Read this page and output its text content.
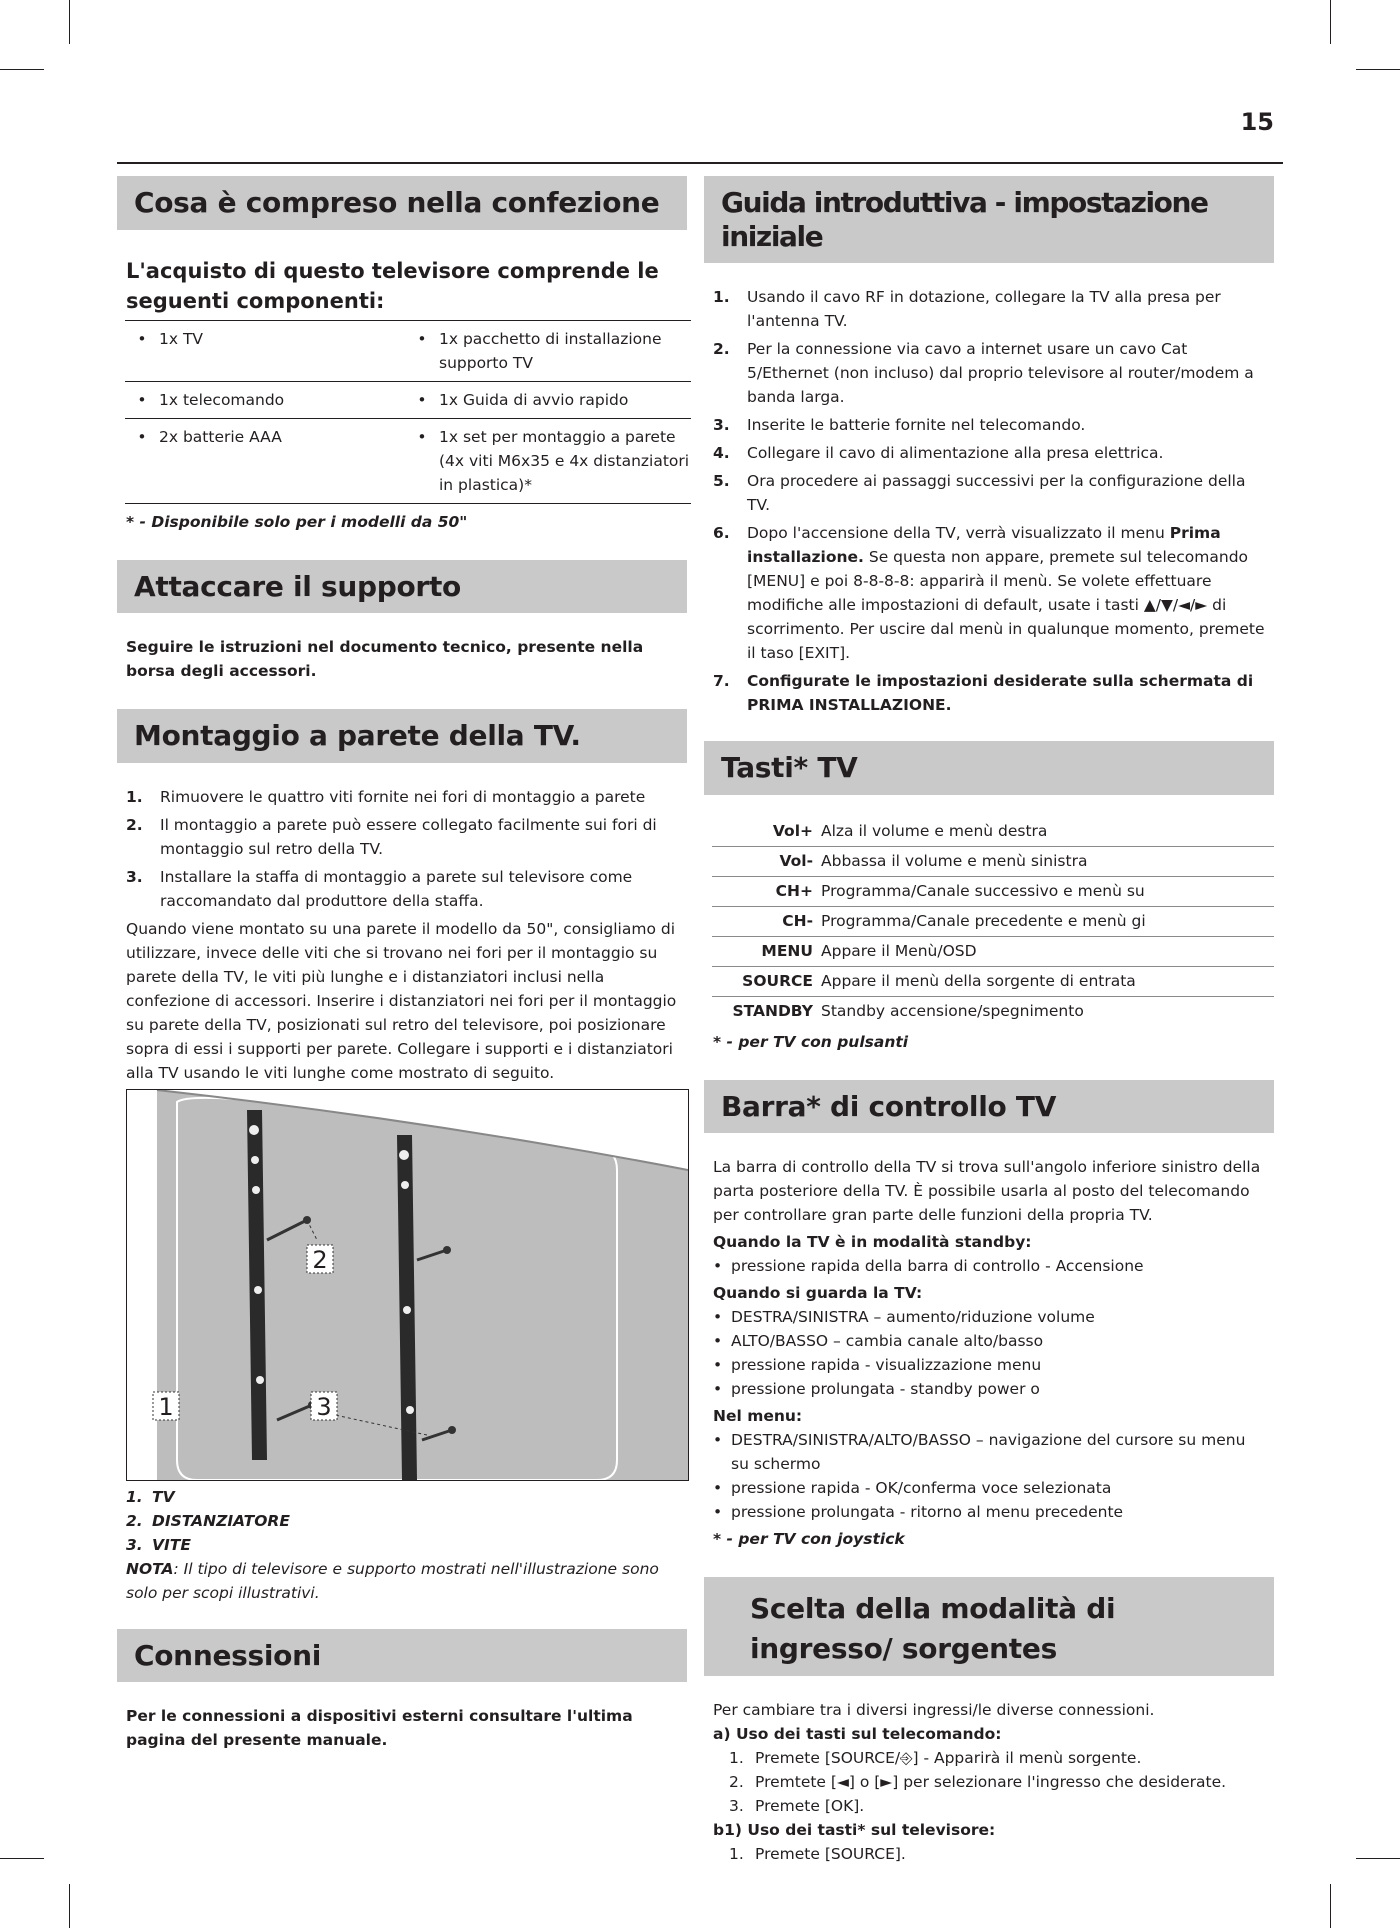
15
Cosa è compreso nella confezione
L'acquisto di questo televisore comprende le seguenti componenti:
•	1x TV	•	1x pacchetto di installazione supporto TV
•	1x telecomando	•	1x Guida di avvio rapido
•	2x batterie AAA	•	1x set per montaggio a parete (4x viti M6x35 e 4x distanziatori in plastica)*
* - Disponibile solo per i modelli da 50"
Attaccare il supporto
Seguire le istruzioni nel documento tecnico, presente nella borsa degli accessori.
Montaggio a parete della TV.
1.	Rimuovere le quattro viti fornite nei fori di montaggio a parete
2.	Il montaggio a parete può essere collegato facilmente sui fori di montaggio sul retro della TV.
3.	Installare la staffa di montaggio a parete sul televisore come raccomandato dal produttore della staffa.
Quando viene montato su una parete il modello da 50", consigliamo di utilizzare, invece delle viti che si trovano nei fori per il montaggio su parete della TV, le viti più lunghe e i distanziatori inclusi nella confezione di accessori. Inserire i distanziatori nei fori per il montaggio su parete della TV, posizionati sul retro del televisore, poi posizionare sopra di essi i supporti per parete. Collegare i supporti e i distanziatori alla TV usando le viti lunghe come mostrato di seguito.
2
1	3
1. TV
2. DISTANZIATORE
3. VITE
NOTA: Il tipo di televisore e supporto mostrati nell'illustrazione sono solo per scopi illustrativi.
Connessioni
Per le connessioni a dispositivi esterni consultare l'ultima pagina del presente manuale.
Guida introduttiva - impostazione iniziale
1.	Usando il cavo RF in dotazione, collegare la TV alla presa per l'antenna TV.
2.	Per la connessione via cavo a internet usare un cavo Cat 5/Ethernet (non incluso) dal proprio televisore al router/modem a banda larga.
3.	Inserite le batterie fornite nel telecomando.
4.	Collegare il cavo di alimentazione alla presa elettrica.
5.	Ora procedere ai passaggi successivi per la configurazione della TV.
6.	Dopo l'accensione della TV, verrà visualizzato il menu Prima installazione. Se questa non appare, premete sul telecomando [MENU] e poi 8-8-8-8: apparirà il menù. Se volete effettuare modifiche alle impostazioni di default, usate i tasti ▲/▼/◄/► di scorrimento. Per uscire dal menù in qualunque momento, premete il taso [EXIT].
7.	Configurate le impostazioni desiderate sulla schermata di PRIMA INSTALLAZIONE.
Tasti* TV
Vol+	Alza il volume e menù destra
Vol-	Abbassa il volume e menù sinistra
CH+	Programma/Canale successivo e menù su
CH-	Programma/Canale precedente e menù gi
MENU	Appare il Menù/OSD
SOURCE	Appare il menù della sorgente di entrata
STANDBY	Standby accensione/spegnimento
* - per TV con pulsanti
Barra* di controllo TV
La barra di controllo della TV si trova sull'angolo inferiore sinistro della parta posteriore della TV. È possibile usarla al posto del telecomando per controllare gran parte delle funzioni della propria TV.
Quando la TV è in modalità standby:
• pressione rapida della barra di controllo - Accensione
Quando si guarda la TV:
• DESTRA/SINISTRA – aumento/riduzione volume
• ALTO/BASSO – cambia canale alto/basso
• pressione rapida - visualizzazione menu
• pressione prolungata - standby power o
Nel menu:
• DESTRA/SINISTRA/ALTO/BASSO – navigazione del cursore su menu su schermo
• pressione rapida - OK/conferma voce selezionata
• pressione prolungata - ritorno al menu precedente
* - per TV con joystick
Scelta della modalità di ingresso/ sorgentes
Per cambiare tra i diversi ingressi/le diverse connessioni.
a) Uso dei tasti sul telecomando:
1. Premete [SOURCE/⎆] - Apparirà il menù sorgente.
2. Premtete [◄] o [►] per selezionare l'ingresso che desiderate.
3. Premete [OK].
b1) Uso dei tasti* sul televisore:
1. Premete [SOURCE].
